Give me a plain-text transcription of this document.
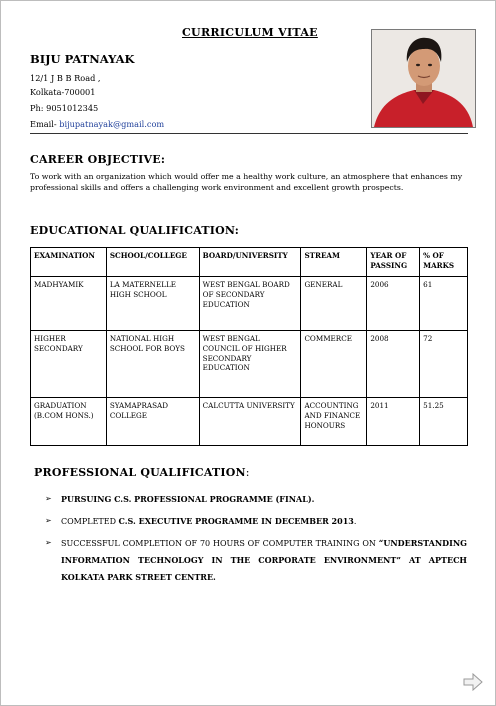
CURRICULUM VITAE
BIJU PATNAYAK
12/1 J B B Road ,
Kolkata-700001
Ph: 9051012345
Email- bijupatnayak@gmail.com
CAREER OBJECTIVE:
To work with an organization which would offer me a healthy work culture, an atmosphere that enhances my professional skills and offers a challenging work environment and excellent growth prospects.
EDUCATIONAL QUALIFICATION:
EXAMINATION	SCHOOL/COLLEGE	BOARD/UNIVERSITY	STREAM	YEAR OF PASSING	% OF MARKS
MADHYAMIK	LA MATERNELLE HIGH SCHOOL	WEST BENGAL BOARD OF SECONDARY EDUCATION	GENERAL	2006	61
HIGHER SECONDARY	NATIONAL HIGH SCHOOL FOR BOYS	WEST BENGAL COUNCIL OF HIGHER SECONDARY EDUCATION	COMMERCE	2008	72
GRADUATION (B.COM HONS.)	SYAMAPRASAD COLLEGE	CALCUTTA UNIVERSITY	ACCOUNTING AND FINANCE HONOURS	2011	51.25
PROFESSIONAL QUALIFICATION:
➢ PURSUING C.S. PROFESSIONAL PROGRAMME (FINAL).
➢ COMPLETED C.S. EXECUTIVE PROGRAMME IN DECEMBER 2013.
➢ SUCCESSFUL COMPLETION OF 70 HOURS OF COMPUTER TRAINING ON “UNDERSTANDING INFORMATION TECHNOLOGY IN THE CORPORATE ENVIRONMENT” AT APTECH KOLKATA PARK STREET CENTRE.
